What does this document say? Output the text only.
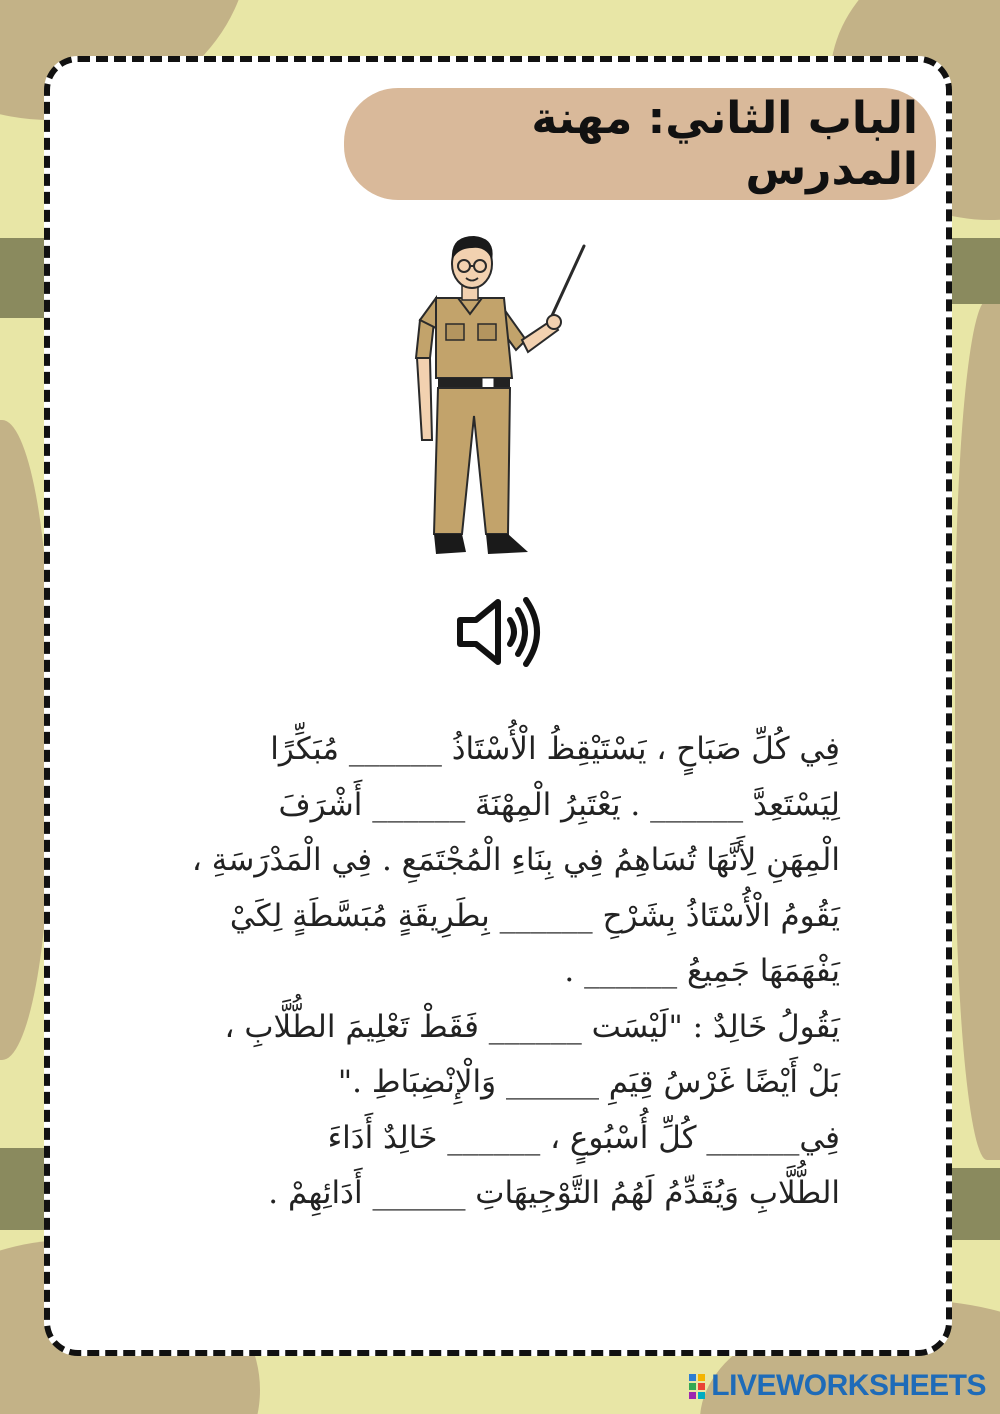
الباب الثاني: مهنة المدرس
فِي كُلِّ صَبَاحٍ ، يَسْتَيْقِظُ الْأُسْتَاذُ ______ مُبَكِّرًا
لِيَسْتَعِدَّ ______ . يَعْتَبِرُ الْمِهْنَةَ ______ أَشْرَفَ
الْمِهَنِ لِأَنَّهَا تُسَاهِمُ فِي بِنَاءِ الْمُجْتَمَعِ . فِي الْمَدْرَسَةِ ،
يَقُومُ الْأُسْتَاذُ بِشَرْحِ ______ بِطَرِيقَةٍ مُبَسَّطَةٍ لِكَيْ
يَفْهَمَهَا جَمِيعُ ______ .
يَقُولُ خَالِدٌ : "لَيْسَت ______ فَقَطْ تَعْلِيمَ الطُّلَّابِ ،
بَلْ أَيْضًا غَرْسُ قِيَمِ ______ وَالْإِنْضِبَاطِ ."
فِي______ كُلِّ أُسْبُوعٍ ، ______ خَالِدٌ أَدَاءَ
الطُّلَّابِ وَيُقَدِّمُ لَهُمُ التَّوْجِيهَاتِ ______ أَدَائِهِمْ .
LIVEWORKSHEETS
